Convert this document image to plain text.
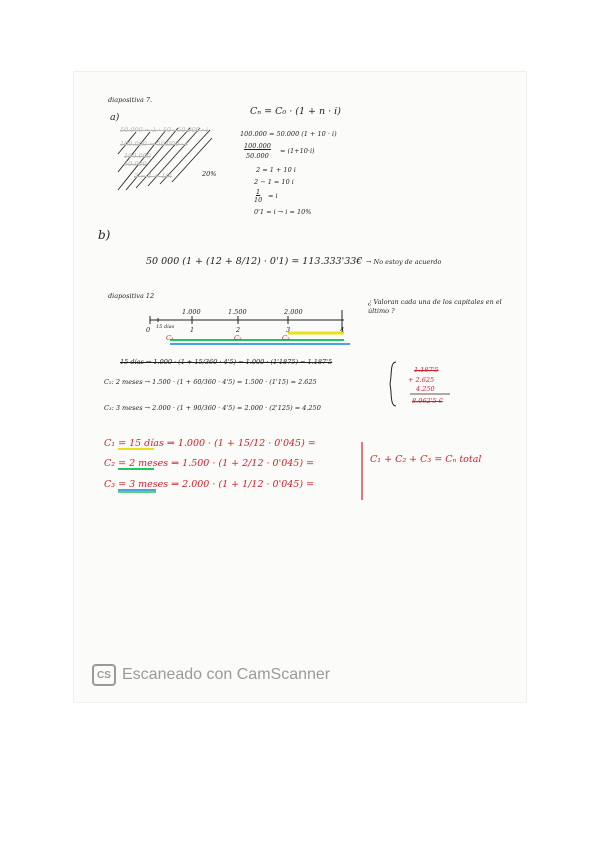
diapositiva 7.
a)
50.000 = λ · 10 · 50.000 · i
100.000 = 50.000 · i
100.000
50.000
2 = 1 + 10i	20%
Cₙ = C₀ · (1 + n · i)
100.000 = 50.000 (1 + 10 · i)
100.000
50.000
= (1+10·i)
2 = 1 + 10 i
2 − 1 = 10 i
1
10 = i
0'1 = i → i = 10%
b)
50 000 (1 + (12 + 8/12) · 0'1) = 113.333'33€ → No estoy de acuerdo
diapositiva 12
¿ Valoran cada una de los capitales en el último ?
1.000	1.500	2.000
0 15 días 1	2	3	4
C₁	C₂	C₃
15 días → 1.000 · (1 + 15/360 · 4'5) = 1.000 · (1'1875) = 1.187'5
C₂: 2 meses → 1.500 · (1 + 60/360 · 4'5) = 1.500 · (1'15) = 2.625
C₃: 3 meses → 2.000 · (1 + 90/360 · 4'5) = 2.000 · (2'125) = 4.250
1.187'5
+ 2.625
4.250
8.062'5 €
C₁ = 15 días ⇒ 1.000 · (1 + 15/12 · 0'045) =
C₂ = 2 meses ⇒ 1.500 · (1 + 2/12 · 0'045) =
C₃ = 3 meses ⇒ 2.000 · (1 + 1/12 · 0'045) =
C₁ + C₂ + C₃ = Cₙ total
CS Escaneado con CamScanner
